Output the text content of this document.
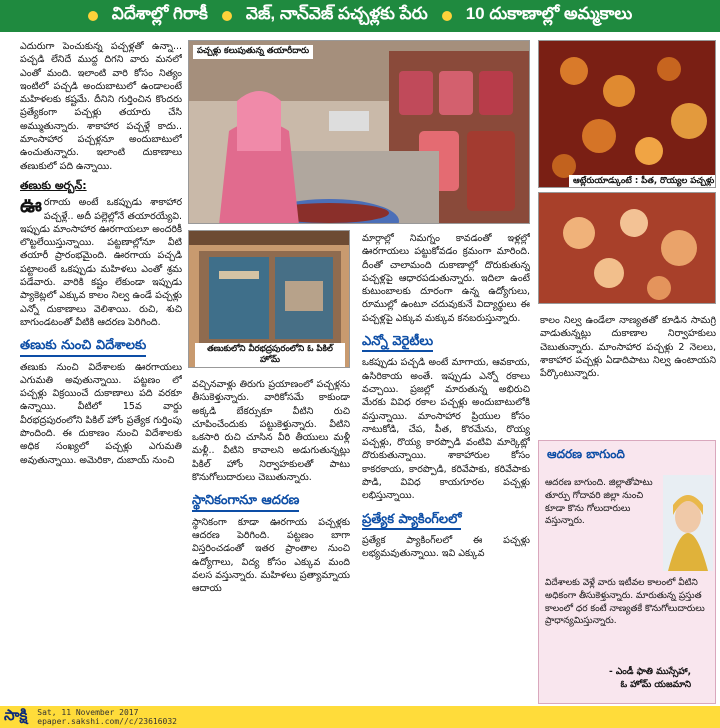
విదేశాల్లో గిరాకీ వెజ్, నాన్‌వెజ్ పచ్చళ్లకు పేరు 10 దుకాణాల్లో అమ్మకాలు

ఎదురుగా పెంచుకున్న పచ్చళ్లతో ఉన్నా... పచ్చడి లేనిదే ముద్ద దిగని వారు మనలో ఎంతో మంది. ఇలాంటి వారి కోసం నిత్యం ఇంటిలో పచ్చడి అందుబాటులో ఉండాలంటే మహిళలకు కష్టమే. దీనిని గుర్తించిన కొందరు ప్రత్యేకంగా పచ్చళ్లు తయారు చేసి అమ్ముతున్నారు. శాకాహార పచ్చళ్లే కాదు.. మాంసాహార పచ్చళ్లనూ అందుబాటులో ఉంచుతున్నారు. ఇలాంటి దుకాణాలు తణుకులో పది ఉన్నాయి.

తణుకు అర్బన్‌:

ఊరగాయ అంటే ఒకప్పుడు శాకాహార పచ్చళ్లే.. అదీ పల్లెల్లోనే తయారయ్యేవి. ఇప్పుడు మాంసాహార ఊరగాయలూ అందరికీ లొట్టలేయిస్తున్నాయి. పట్టణాల్లోనూ వీటి తయారీ ప్రారంభమైంది. ఊరగాయ పచ్చడి పట్టాలంటే ఒకప్పుడు మహిళలు ఎంతో శ్రమ పడేవారు. వారికి కష్టం లేకుండా ఇప్పుడు ప్యాకెట్లలో ఎక్కువ కాలం నిల్వ ఉండే పచ్చళ్లు ఎన్నో దుకాణాలు వెలిశాయి. రుచి, శుచి బాగుండటంతో వీటికి ఆదరణ పెరిగింది.

తణుకు నుంచి విదేశాలకు

తణుకు నుంచి విదేశాలకు ఊరగాయలు ఎగుమతి అవుతున్నాయి. పట్టణం లో పచ్చళ్లు విక్రయించే దుకాణాలు పది వరకూ ఉన్నాయి. వీటిలో 15వ వార్డు వీరభద్రపురంలోని పికిల్‌ హోం ప్రత్యేక గుర్తింపు పొందింది. ఈ దుకాణం నుంచి విదేశాలకు అధిక సంఖ్యలో పచ్చళ్లు ఎగుమతి అవుతున్నాయి. అమెరికా, దుబాయ్‌ నుంచి

పచ్చళ్లు కలుపుతున్న తయారీదారు
ఆట్లేరుయాడ్కుంటే : పీత, రొయ్యల పచ్చళ్లు
తణుకులోని వీరభద్రపురంలోని ఓ పికిల్‌ హోమ్‌

వచ్చినవాళ్లు తిరుగు ప్రయాణంలో పచ్చళ్లను తీసుకెళ్తున్నారు. వారికోసమే కాకుండా అక్కడి బేకర్సుకూ వీటిని రుచి చూపించేందుకు పట్టుకెళ్తున్నారు. వీటిని ఒకసారి రుచి చూసిన వీరి తీయులు మళ్లీ మళ్లీ.. వీటిని కావాలని అడుగుతున్నట్లు పికిల్‌ హోం నిర్వాహకులతో పాటు కొనుగోలుదారులు చెబుతున్నారు.

స్థానికంగానూ ఆదరణ

స్థానికంగా కూడా ఊరగాయ పచ్చళ్లకు ఆదరణ పెరిగింది. పట్టణం బాగా విస్తరించడంతో ఇతర ప్రాంతాల నుంచి ఉద్యోగాలు, విద్య కోసం ఎక్కువ మంది వలస వస్తున్నారు. మహిళలు ప్రత్యామ్నాయ ఆదాయ

మార్గాల్లో నిమగ్నం కావడంతో ఇళ్లల్లో ఊరగాయలు పట్టుకోవడం క్రమంగా మారింది. దీంతో చాలామంది దుకాణాల్లో దొరుకుతున్న పచ్చళ్లపై ఆధారపడుతున్నారు. ఇదిలా ఉంటే కుటుంబాలకు దూరంగా ఉన్న ఉద్యోగులు, రూముల్లో ఉంటూ చదువుకునే విద్యార్థులు ఈ పచ్చళ్లపై ఎక్కువ మక్కువ కనబరుస్తున్నారు.

ఎన్నో వెరైటీలు

ఒకప్పుడు పచ్చడి అంటే మాగాయ, ఆవకాయ, ఉసిరికాయ అంతే. ఇప్పుడు ఎన్నో రకాలు వచ్చాయి. ప్రజల్లో మారుతున్న అభిరుచి మేరకు వివిధ రకాల పచ్చళ్లు అందుబాటులోకి వస్తున్నాయి. మాంసాహార ప్రియుల కోసం నాటుకోడి, చేప, పీత, కొరమేను, రొయ్య పచ్చళ్లు, రొయ్య కారప్పొడి వంటివి మార్కెట్లో దొరుకుతున్నాయి. శాకాహారుల కోసం కాకరకాయ, కారప్పొడి, కరివేపాకు, కరివేపాకు పొడి, వివిధ కాయగూరల పచ్చళ్లు లభిస్తున్నాయి.

ప్రత్యేక ప్యాకింగ్‌లలో

ప్రత్యేక ప్యాకింగ్‌లలో ఈ పచ్చళ్లు లభ్యమవుతున్నాయి. ఇవి ఎక్కువ

కాలం నిల్వ ఉండేలా నాణ్యతతో కూడిన సామగ్రి వాడుతున్నట్లు దుకాణాల నిర్వాహకులు చెబుతున్నారు. మాంసాహార పచ్చళ్లు 2 నెలలు, శాకాహార పచ్చళ్లు ఏడాదిపాటు నిల్వ ఉంటాయని పేర్కొంటున్నారు.

ఆదరణ బాగుంది
ఆదరణ బాగుంది. జిల్లాతోపాటు తూర్పు గోదావరి జిల్లా నుంచి కూడా కొను గోలుదారులు వస్తున్నారు.
విదేశాలకు వెళ్లే వారు ఇటీవల కాలంలో వీటిని అధికంగా తీసుకెళ్తున్నారు. మారుతున్న ప్రస్తుత కాలంలో ధర కంటే నాణ్యతకే కొనుగోలుదారులు ప్రాధాన్యమిస్తున్నారు.
- ఎండీ ఫాతి ముస్సేహా,
ఓ హోమ్‌ యజమాని
సాక్షి Sat, 11 November 2017
epaper.sakshi.com//c/23616032
